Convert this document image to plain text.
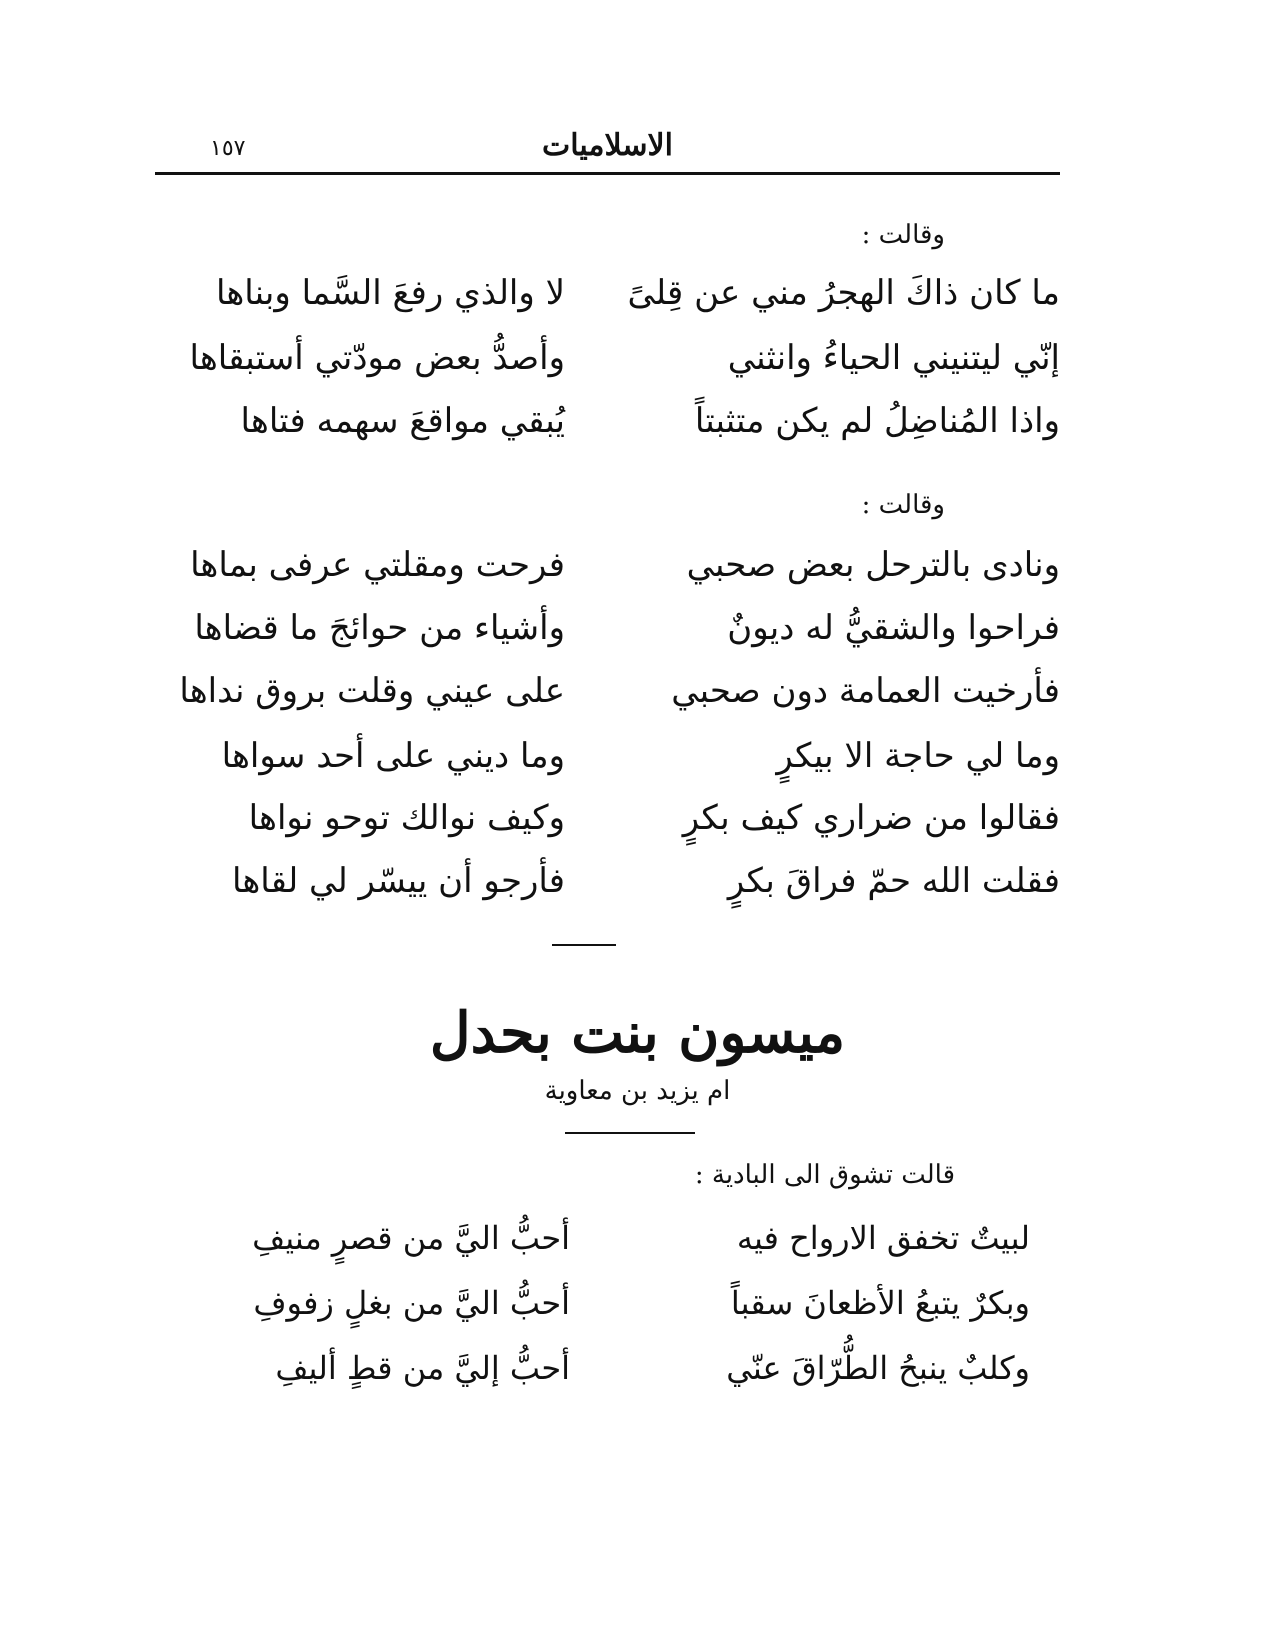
١٥٧	الاسلاميات
وقالت :
ما كان ذاكَ الهجرُ مني عن قِلىً
لا والذي رفعَ السَّما وبناها
إنّي ليتنيني الحياءُ وانثني
وأصدُّ بعض مودّتي أستبقاها
واذا المُناضِلُ لم يكن متثبتاً
يُبقي مواقعَ سهمه فتاها
وقالت :
ونادى بالترحل بعض صحبي
فرحت ومقلتي عرفى بماها
فراحوا والشقيُّ له ديونٌ
وأشياء من حوائجَ ما قضاها
فأرخيت العمامة دون صحبي
على عيني وقلت بروق نداها
وما لي حاجة الا بيكرٍ
وما ديني على أحد سواها
فقالوا من ضراري كيف بكرٍ
وكيف نوالك توحو نواها
فقلت الله حمّ فراقَ بكرٍ
فأرجو أن ييسّر لي لقاها
ميسون بنت بحدل
ام يزيد بن معاوية
قالت تشوق الى البادية :
لبيتٌ تخفق الارواح فيه
أحبُّ اليَّ من قصرٍ منيفِ
وبكرٌ يتبعُ الأظعانَ سقباً
أحبُّ اليَّ من بغلٍ زفوفِ
وكلبٌ ينبحُ الطُّرّاقَ عنّي
أحبُّ إليَّ من قطٍ أليفِ
